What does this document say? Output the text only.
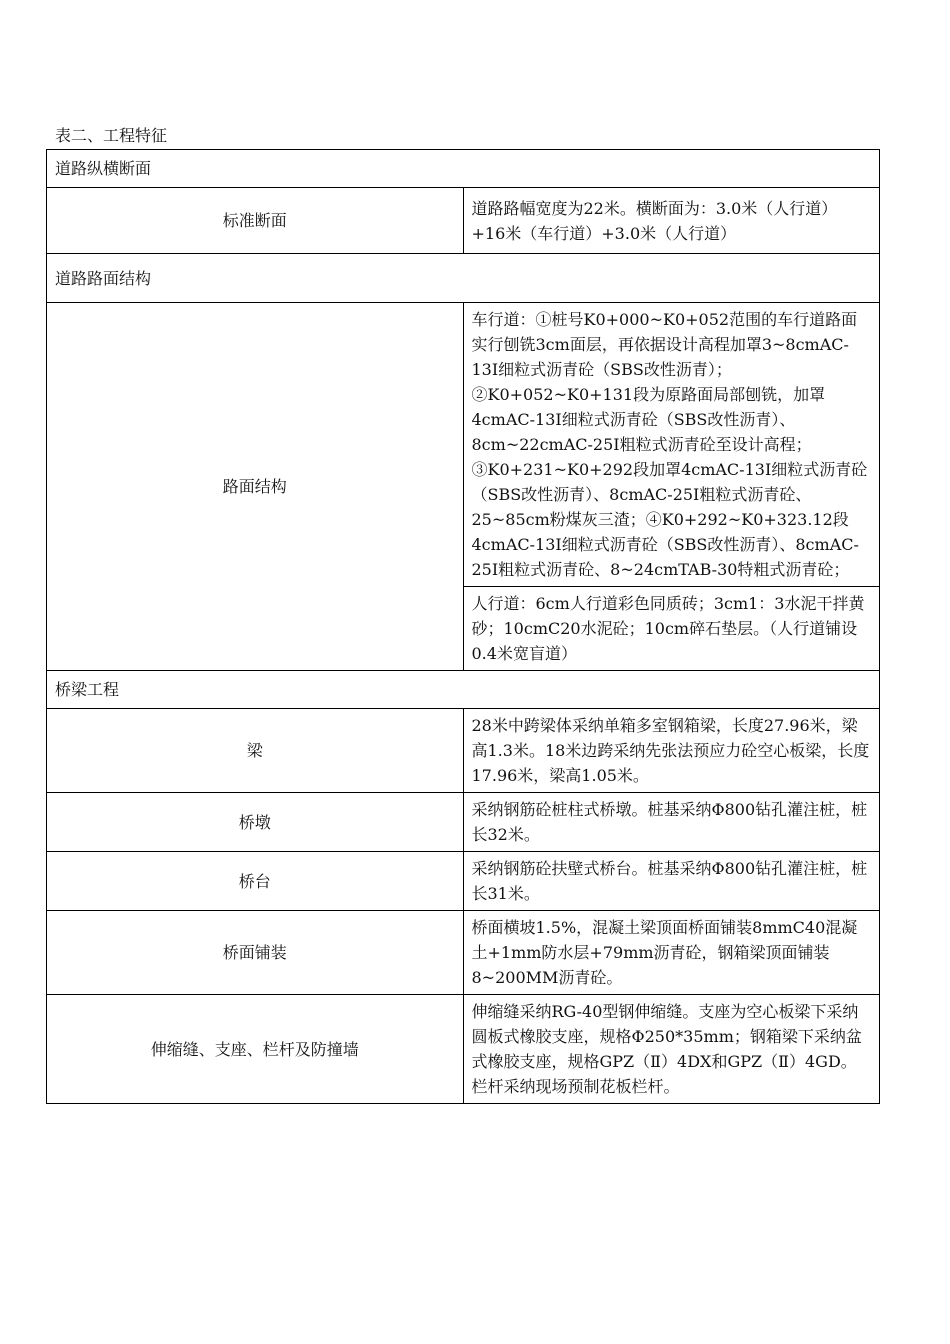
表二、工程特征
道路纵横断面	
标准断面	道路路幅宽度为22米。横断面为：3.0米（人行道）+16米（车行道）+3.0米（人行道）
道路路面结构	
路面结构	车行道：①桩号K0+000~K0+052范围的车行道路面实行刨铣3cm面层，再依据设计高程加罩3~8cmAC-13Ⅰ细粒式沥青砼（SBS改性沥青）；②K0+052~K0+131段为原路面局部刨铣，加罩4cmAC-13Ⅰ细粒式沥青砼（SBS改性沥青）、8cm~22cmAC-25Ⅰ粗粒式沥青砼至设计高程；③K0+231~K0+292段加罩4cmAC-13Ⅰ细粒式沥青砼（SBS改性沥青）、8cmAC-25Ⅰ粗粒式沥青砼、25~85cm粉煤灰三渣；④K0+292~K0+323.12段4cmAC-13Ⅰ细粒式沥青砼（SBS改性沥青）、8cmAC-25Ⅰ粗粒式沥青砼、8~24cmTAB-30特粗式沥青砼；
	人行道：6cm人行道彩色同质砖；3cm1：3水泥干拌黄砂；10cmC20水泥砼；10cm碎石垫层。（人行道铺设0.4米宽盲道）
桥梁工程	
梁	28米中跨梁体采纳单箱多室钢箱梁，长度27.96米，梁高1.3米。18米边跨采纳先张法预应力砼空心板梁，长度17.96米，梁高1.05米。
桥墩	采纳钢筋砼桩柱式桥墩。桩基采纳Φ800钻孔灌注桩，桩长32米。
桥台	采纳钢筋砼扶壁式桥台。桩基采纳Φ800钻孔灌注桩，桩长31米。
桥面铺装	桥面横坡1.5%，混凝土梁顶面桥面铺装8mmC40混凝土+1mm防水层+79mm沥青砼，钢箱梁顶面铺装8~200MM沥青砼。
伸缩缝、支座、栏杆及防撞墙	伸缩缝采纳RG-40型钢伸缩缝。支座为空心板梁下采纳圆板式橡胶支座，规格Φ250*35mm；钢箱梁下采纳盆式橡胶支座，规格GPZ（Ⅱ）4DX和GPZ（Ⅱ）4GD。栏杆采纳现场预制花板栏杆。
